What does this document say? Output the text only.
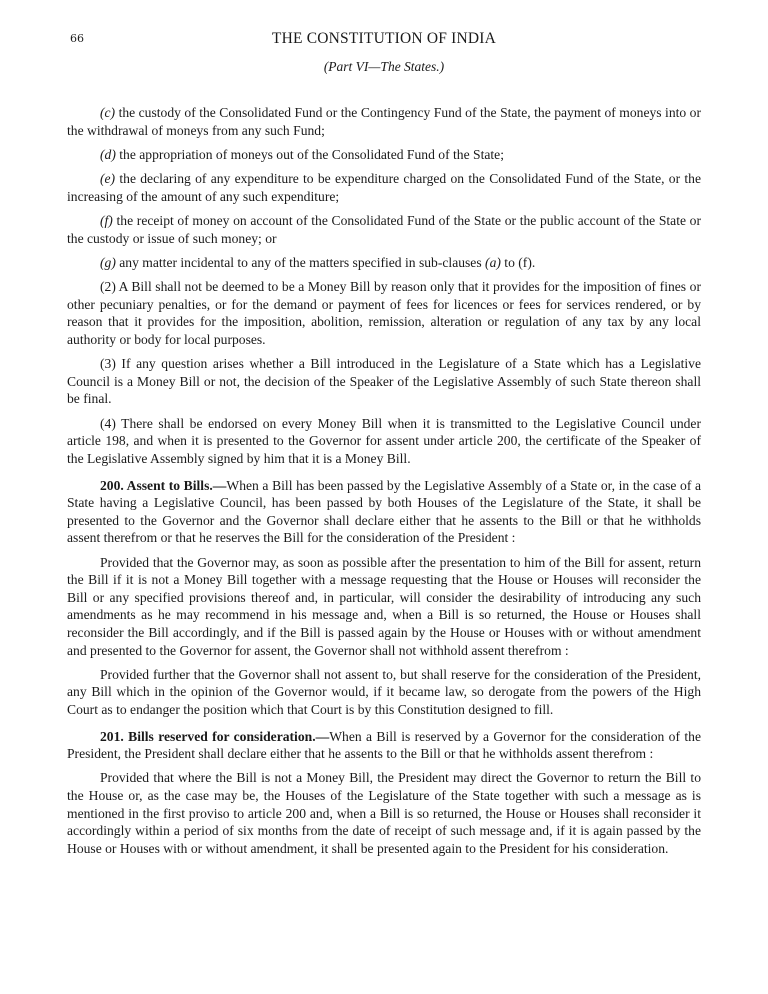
66	THE CONSTITUTION OF INDIA
(Part VI—The States.)

(c) the custody of the Consolidated Fund or the Contingency Fund of the State, the payment of moneys into or the withdrawal of moneys from any such Fund;

(d) the appropriation of moneys out of the Consolidated Fund of the State;

(e) the declaring of any expenditure to be expenditure charged on the Consolidated Fund of the State, or the increasing of the amount of any such expenditure;

(f) the receipt of money on account of the Consolidated Fund of the State or the public account of the State or the custody or issue of such money; or

(g) any matter incidental to any of the matters specified in sub-clauses (a) to (f).

(2) A Bill shall not be deemed to be a Money Bill by reason only that it provides for the imposition of fines or other pecuniary penalties, or for the demand or payment of fees for licences or fees for services rendered, or by reason that it provides for the imposition, abolition, remission, alteration or regulation of any tax by any local authority or body for local purposes.

(3) If any question arises whether a Bill introduced in the Legislature of a State which has a Legislative Council is a Money Bill or not, the decision of the Speaker of the Legislative Assembly of such State thereon shall be final.

(4) There shall be endorsed on every Money Bill when it is transmitted to the Legislative Council under article 198, and when it is presented to the Governor for assent under article 200, the certificate of the Speaker of the Legislative Assembly signed by him that it is a Money Bill.

200. Assent to Bills.—When a Bill has been passed by the Legislative Assembly of a State or, in the case of a State having a Legislative Council, has been passed by both Houses of the Legislature of the State, it shall be presented to the Governor and the Governor shall declare either that he assents to the Bill or that he withholds assent therefrom or that he reserves the Bill for the consideration of the President :

Provided that the Governor may, as soon as possible after the presentation to him of the Bill for assent, return the Bill if it is not a Money Bill together with a message requesting that the House or Houses will reconsider the Bill or any specified provisions thereof and, in particular, will consider the desirability of introducing any such amendments as he may recommend in his message and, when a Bill is so returned, the House or Houses shall reconsider the Bill accordingly, and if the Bill is passed again by the House or Houses with or without amendment and presented to the Governor for assent, the Governor shall not withhold assent therefrom :

Provided further that the Governor shall not assent to, but shall reserve for the consideration of the President, any Bill which in the opinion of the Governor would, if it became law, so derogate from the powers of the High Court as to endanger the position which that Court is by this Constitution designed to fill.

201. Bills reserved for consideration.—When a Bill is reserved by a Governor for the consideration of the President, the President shall declare either that he assents to the Bill or that he withholds assent therefrom :

Provided that where the Bill is not a Money Bill, the President may direct the Governor to return the Bill to the House or, as the case may be, the Houses of the Legislature of the State together with such a message as is mentioned in the first proviso to article 200 and, when a Bill is so returned, the House or Houses shall reconsider it accordingly within a period of six months from the date of receipt of such message and, if it is again passed by the House or Houses with or without amendment, it shall be presented again to the President for his consideration.
